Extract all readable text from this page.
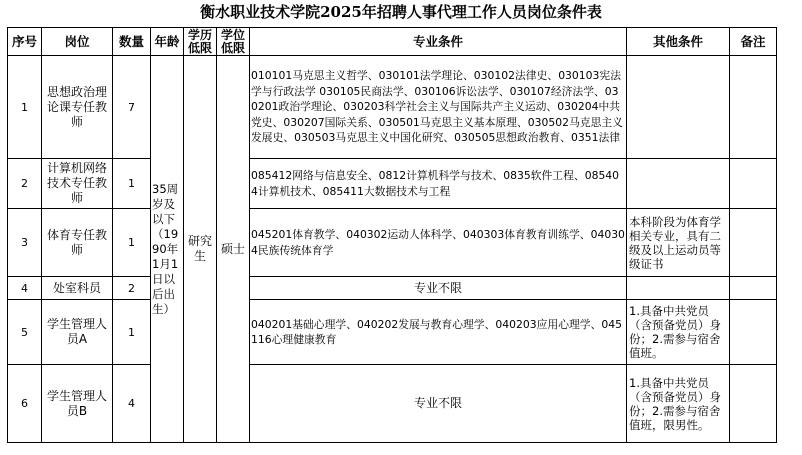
衡水职业技术学院2025年招聘人事代理工作人员岗位条件表
序号	岗位	数量	年龄	学历低限	学位低限	专业条件	其他条件	备注
1	思想政治理论课专任教师	7	35周岁及以下（1990年1月1日以后出生）	研究生	硕士	010101马克思主义哲学、030101法学理论、030102法律史、030103宪法学与行政法学 030105民商法学、030106诉讼法学、030107经济法学、030201政治学理论、030203科学社会主义与国际共产主义运动、030204中共党史、030207国际关系、030501马克思主义基本原理、030502马克思主义发展史、030503马克思主义中国化研究、030505思想政治教育、0351法律		
2	计算机网络技术专任教师	1				085412网络与信息安全、0812计算机科学与技术、0835软件工程、085404计算机技术、085411大数据技术与工程		
3	体育专任教师	1				045201体育教学、040302运动人体科学、040303体育教育训练学、040304民族传统体育学	本科阶段为体育学相关专业，具有二级及以上运动员等级证书	
4	处室科员	2				专业不限		
5	学生管理人员A	1				040201基础心理学、040202发展与教育心理学、040203应用心理学、045116心理健康教育	1.具备中共党员（含预备党员）身份；2.需参与宿舍值班。	
6	学生管理人员B	4				专业不限	1.具备中共党员（含预备党员）身份；2.需参与宿舍值班，限男性。	
